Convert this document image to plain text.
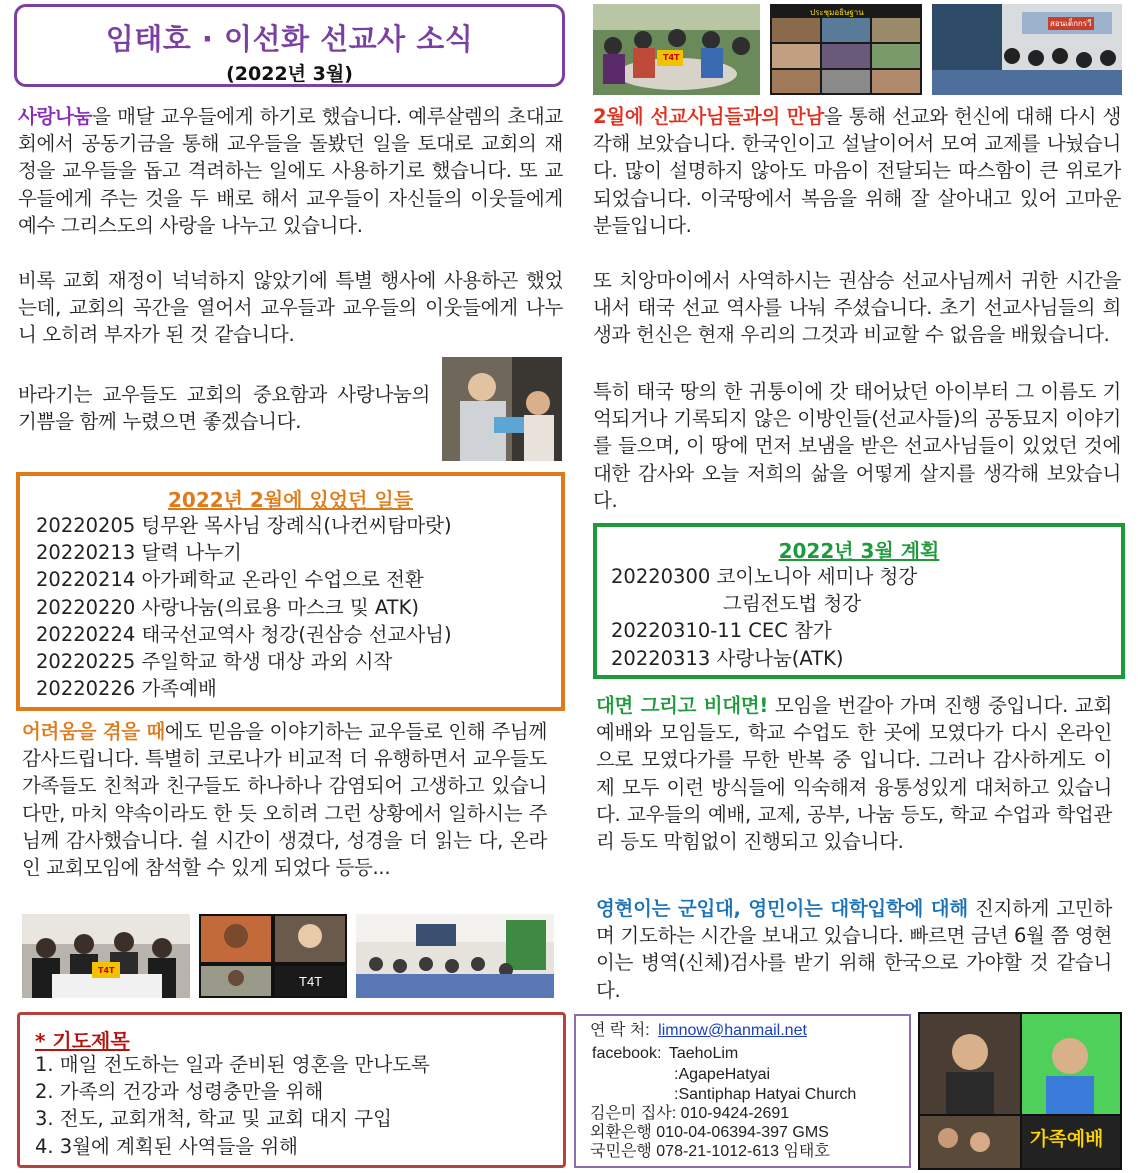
임태호 · 이선화 선교사 소식
(2022년 3월)

사랑나눔을 매달 교우들에게 하기로 했습니다. 예루살렘의 초대교회에서 공동기금을 통해 교우들을 돌봤던 일을 토대로 교회의 재정을 교우들을 돕고 격려하는 일에도 사용하기로 했습니다. 또 교우들에게 주는 것을 두 배로 해서 교우들이 자신들의 이웃들에게 예수 그리스도의 사랑을 나누고 있습니다.

비록 교회 재정이 넉넉하지 않았기에 특별 행사에 사용하곤 했었는데, 교회의 곡간을 열어서 교우들과 교우들의 이웃들에게 나누니 오히려 부자가 된 것 같습니다.

바라기는 교우들도 교회의 중요함과 사랑나눔의 기쁨을 함께 누렸으면 좋겠습니다.

2022년 2월에 있었던 일들
20220205 텅무완 목사님 장례식(나컨씨탐마랏)
20220213 달력 나누기
20220214 아가페학교 온라인 수업으로 전환
20220220 사랑나눔(의료용 마스크 및 ATK)
20220224 태국선교역사 청강(권삼승 선교사님)
20220225 주일학교 학생 대상 과외 시작
20220226 가족예배

어려움을 겪을 때에도 믿음을 이야기하는 교우들로 인해 주님께 감사드립니다. 특별히 코로나가 비교적 더 유행하면서 교우들도 가족들도 친척과 친구들도 하나하나 감염되어 고생하고 있습니다만, 마치 약속이라도 한 듯 오히려 그런 상황에서 일하시는 주님께 감사했습니다. 쉴 시간이 생겼다, 성경을 더 읽는 다, 온라인 교회모임에 참석할 수 있게 되었다 등등...

T4T
T4T
* 기도제목
1. 매일 전도하는 일과 준비된 영혼을 만나도록
2. 가족의 건강과 성령충만을 위해
3. 전도, 교회개척, 학교 및 교회 대지 구입
4. 3월에 계획된 사역들을 위해
T4T
ประชุมอธิษฐาน
สอนเด็กกรวี

2월에 선교사님들과의 만남을 통해 선교와 헌신에 대해 다시 생각해 보았습니다. 한국인이고 설날이어서 모여 교제를 나눴습니다. 많이 설명하지 않아도 마음이 전달되는 따스함이 큰 위로가 되었습니다. 이국땅에서 복음을 위해 잘 살아내고 있어 고마운 분들입니다.

또 치앙마이에서 사역하시는 권삼승 선교사님께서 귀한 시간을 내서 태국 선교 역사를 나눠 주셨습니다. 초기 선교사님들의 희생과 헌신은 현재 우리의 그것과 비교할 수 없음을 배웠습니다.

특히 태국 땅의 한 귀퉁이에 갓 태어났던 아이부터 그 이름도 기억되거나 기록되지 않은 이방인들(선교사들)의 공동묘지 이야기를 들으며, 이 땅에 먼저 보냄을 받은 선교사님들이 있었던 것에 대한 감사와 오늘 저희의 삶을 어떻게 살지를 생각해 보았습니다.

2022년 3월 계획
20220300 코이노니아 세미나 청강
그림전도법 청강
20220310-11 CEC 참가
20220313 사랑나눔(ATK)

대면 그리고 비대면! 모임을 번갈아 가며 진행 중입니다. 교회 예배와 모임들도, 학교 수업도 한 곳에 모였다가 다시 온라인으로 모였다가를 무한 반복 중 입니다. 그러나 감사하게도 이제 모두 이런 방식들에 익숙해져 융통성있게 대처하고 있습니다. 교우들의 예배, 교제, 공부, 나눔 등도, 학교 수업과 학업관리 등도 막힘없이 진행되고 있습니다.

영현이는 군입대, 영민이는 대학입학에 대해 진지하게 고민하며 기도하는 시간을 보내고 있습니다. 빠르면 금년 6월 쯤 영현이는 병역(신체)검사를 받기 위해 한국으로 가야할 것 같습니다.

연 락 처: limnow@hanmail.net
facebook: TaehoLim
:AgapeHatyai
:Santiphap Hatyai Church
김은미 집사: 010-9424-2691
외환은행 010-04-06394-397 GMS
국민은행 078-21-1012-613 임태호
가족예배
